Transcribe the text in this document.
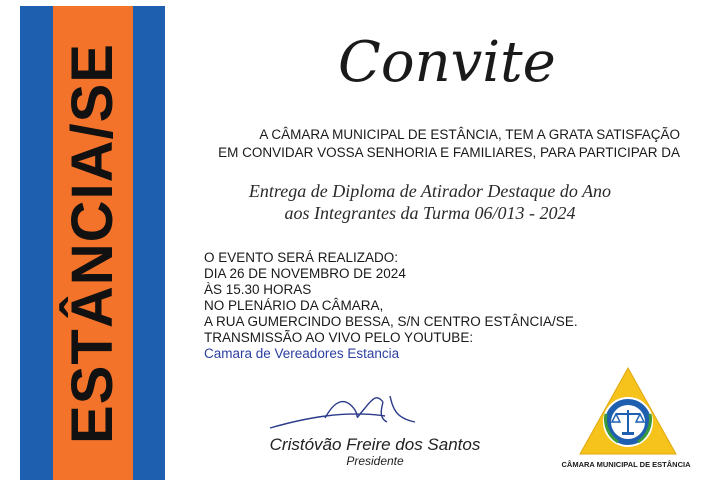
ESTÂNCIA/SE	Convite
A CÂMARA MUNICIPAL DE ESTÂNCIA, TEM A GRATA SATISFAÇÃO
EM CONVIDAR VOSSA SENHORIA E FAMILIARES, PARA PARTICIPAR DA
Entrega de Diploma de Atirador Destaque do Ano
aos Integrantes da Turma 06/013 - 2024
O EVENTO SERÁ REALIZADO:
DIA 26 DE NOVEMBRO DE 2024
ÀS 15.30 HORAS
NO PLENÁRIO DA CÂMARA,
A RUA GUMERCINDO BESSA, S/N CENTRO ESTÂNCIA/SE.
TRANSMISSÃO AO VIVO PELO YOUTUBE:
Camara de Vereadores Estancia
Cristóvão Freire dos Santos
Presidente	CÂMARA MUNICIPAL DE ESTÂNCIA
